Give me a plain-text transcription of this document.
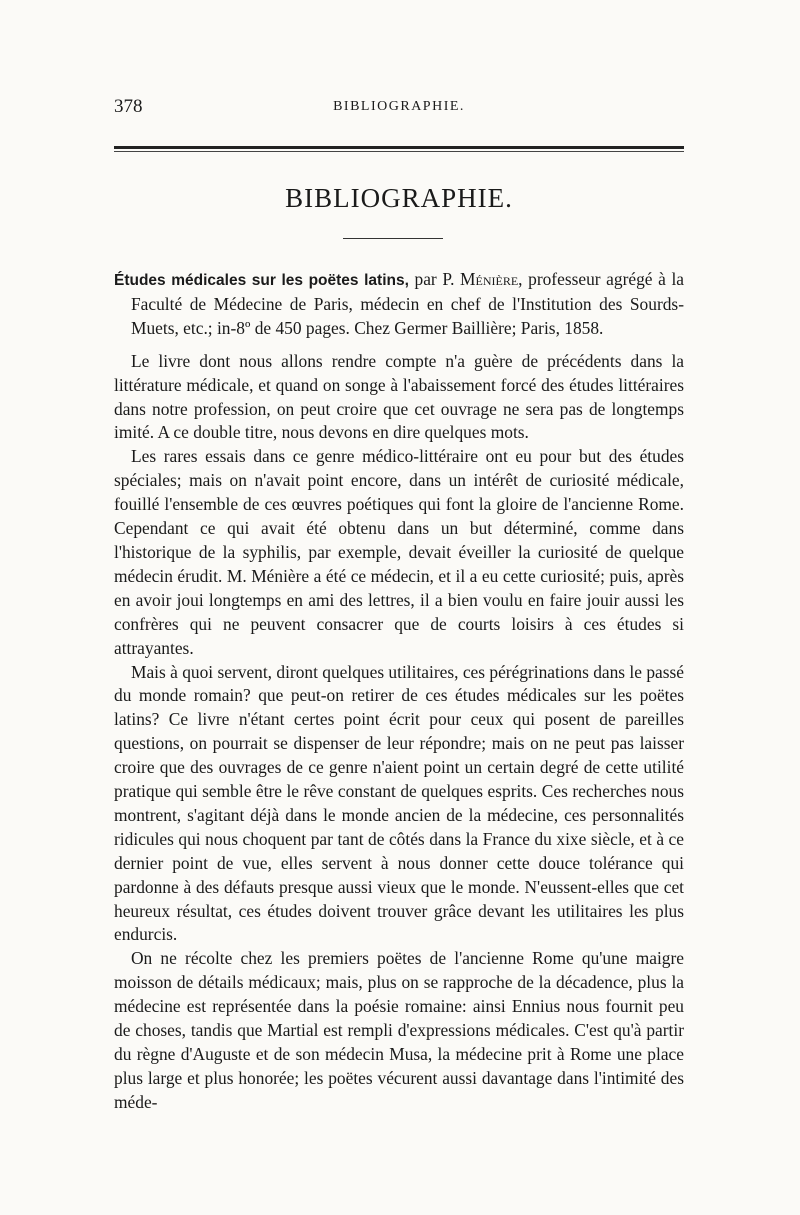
378	BIBLIOGRAPHIE.
BIBLIOGRAPHIE.

Études médicales sur les poëtes latins, par P. Ménière, professeur agrégé à la Faculté de Médecine de Paris, médecin en chef de l'Institution des Sourds-Muets, etc.; in-8º de 450 pages. Chez Germer Baillière; Paris, 1858.

Le livre dont nous allons rendre compte n'a guère de précédents dans la littérature médicale, et quand on songe à l'abaissement forcé des études littéraires dans notre profession, on peut croire que cet ouvrage ne sera pas de longtemps imité. A ce double titre, nous devons en dire quelques mots.

Les rares essais dans ce genre médico-littéraire ont eu pour but des études spéciales; mais on n'avait point encore, dans un intérêt de curiosité médicale, fouillé l'ensemble de ces œuvres poétiques qui font la gloire de l'ancienne Rome. Cependant ce qui avait été obtenu dans un but déterminé, comme dans l'historique de la syphilis, par exemple, devait éveiller la curiosité de quelque médecin érudit. M. Ménière a été ce médecin, et il a eu cette curiosité; puis, après en avoir joui longtemps en ami des lettres, il a bien voulu en faire jouir aussi les confrères qui ne peuvent consacrer que de courts loisirs à ces études si attrayantes.

Mais à quoi servent, diront quelques utilitaires, ces pérégrinations dans le passé du monde romain? que peut-on retirer de ces études médicales sur les poëtes latins? Ce livre n'étant certes point écrit pour ceux qui posent de pareilles questions, on pourrait se dispenser de leur répondre; mais on ne peut pas laisser croire que des ouvrages de ce genre n'aient point un certain degré de cette utilité pratique qui semble être le rêve constant de quelques esprits. Ces recherches nous montrent, s'agitant déjà dans le monde ancien de la médecine, ces personnalités ridicules qui nous choquent par tant de côtés dans la France du xixe siècle, et à ce dernier point de vue, elles servent à nous donner cette douce tolérance qui pardonne à des défauts presque aussi vieux que le monde. N'eussent-elles que cet heureux résultat, ces études doivent trouver grâce devant les utilitaires les plus endurcis.

On ne récolte chez les premiers poëtes de l'ancienne Rome qu'une maigre moisson de détails médicaux; mais, plus on se rapproche de la décadence, plus la médecine est représentée dans la poésie romaine: ainsi Ennius nous fournit peu de choses, tandis que Martial est rempli d'expressions médicales. C'est qu'à partir du règne d'Auguste et de son médecin Musa, la médecine prit à Rome une place plus large et plus honorée; les poëtes vécurent aussi davantage dans l'intimité des méde-
